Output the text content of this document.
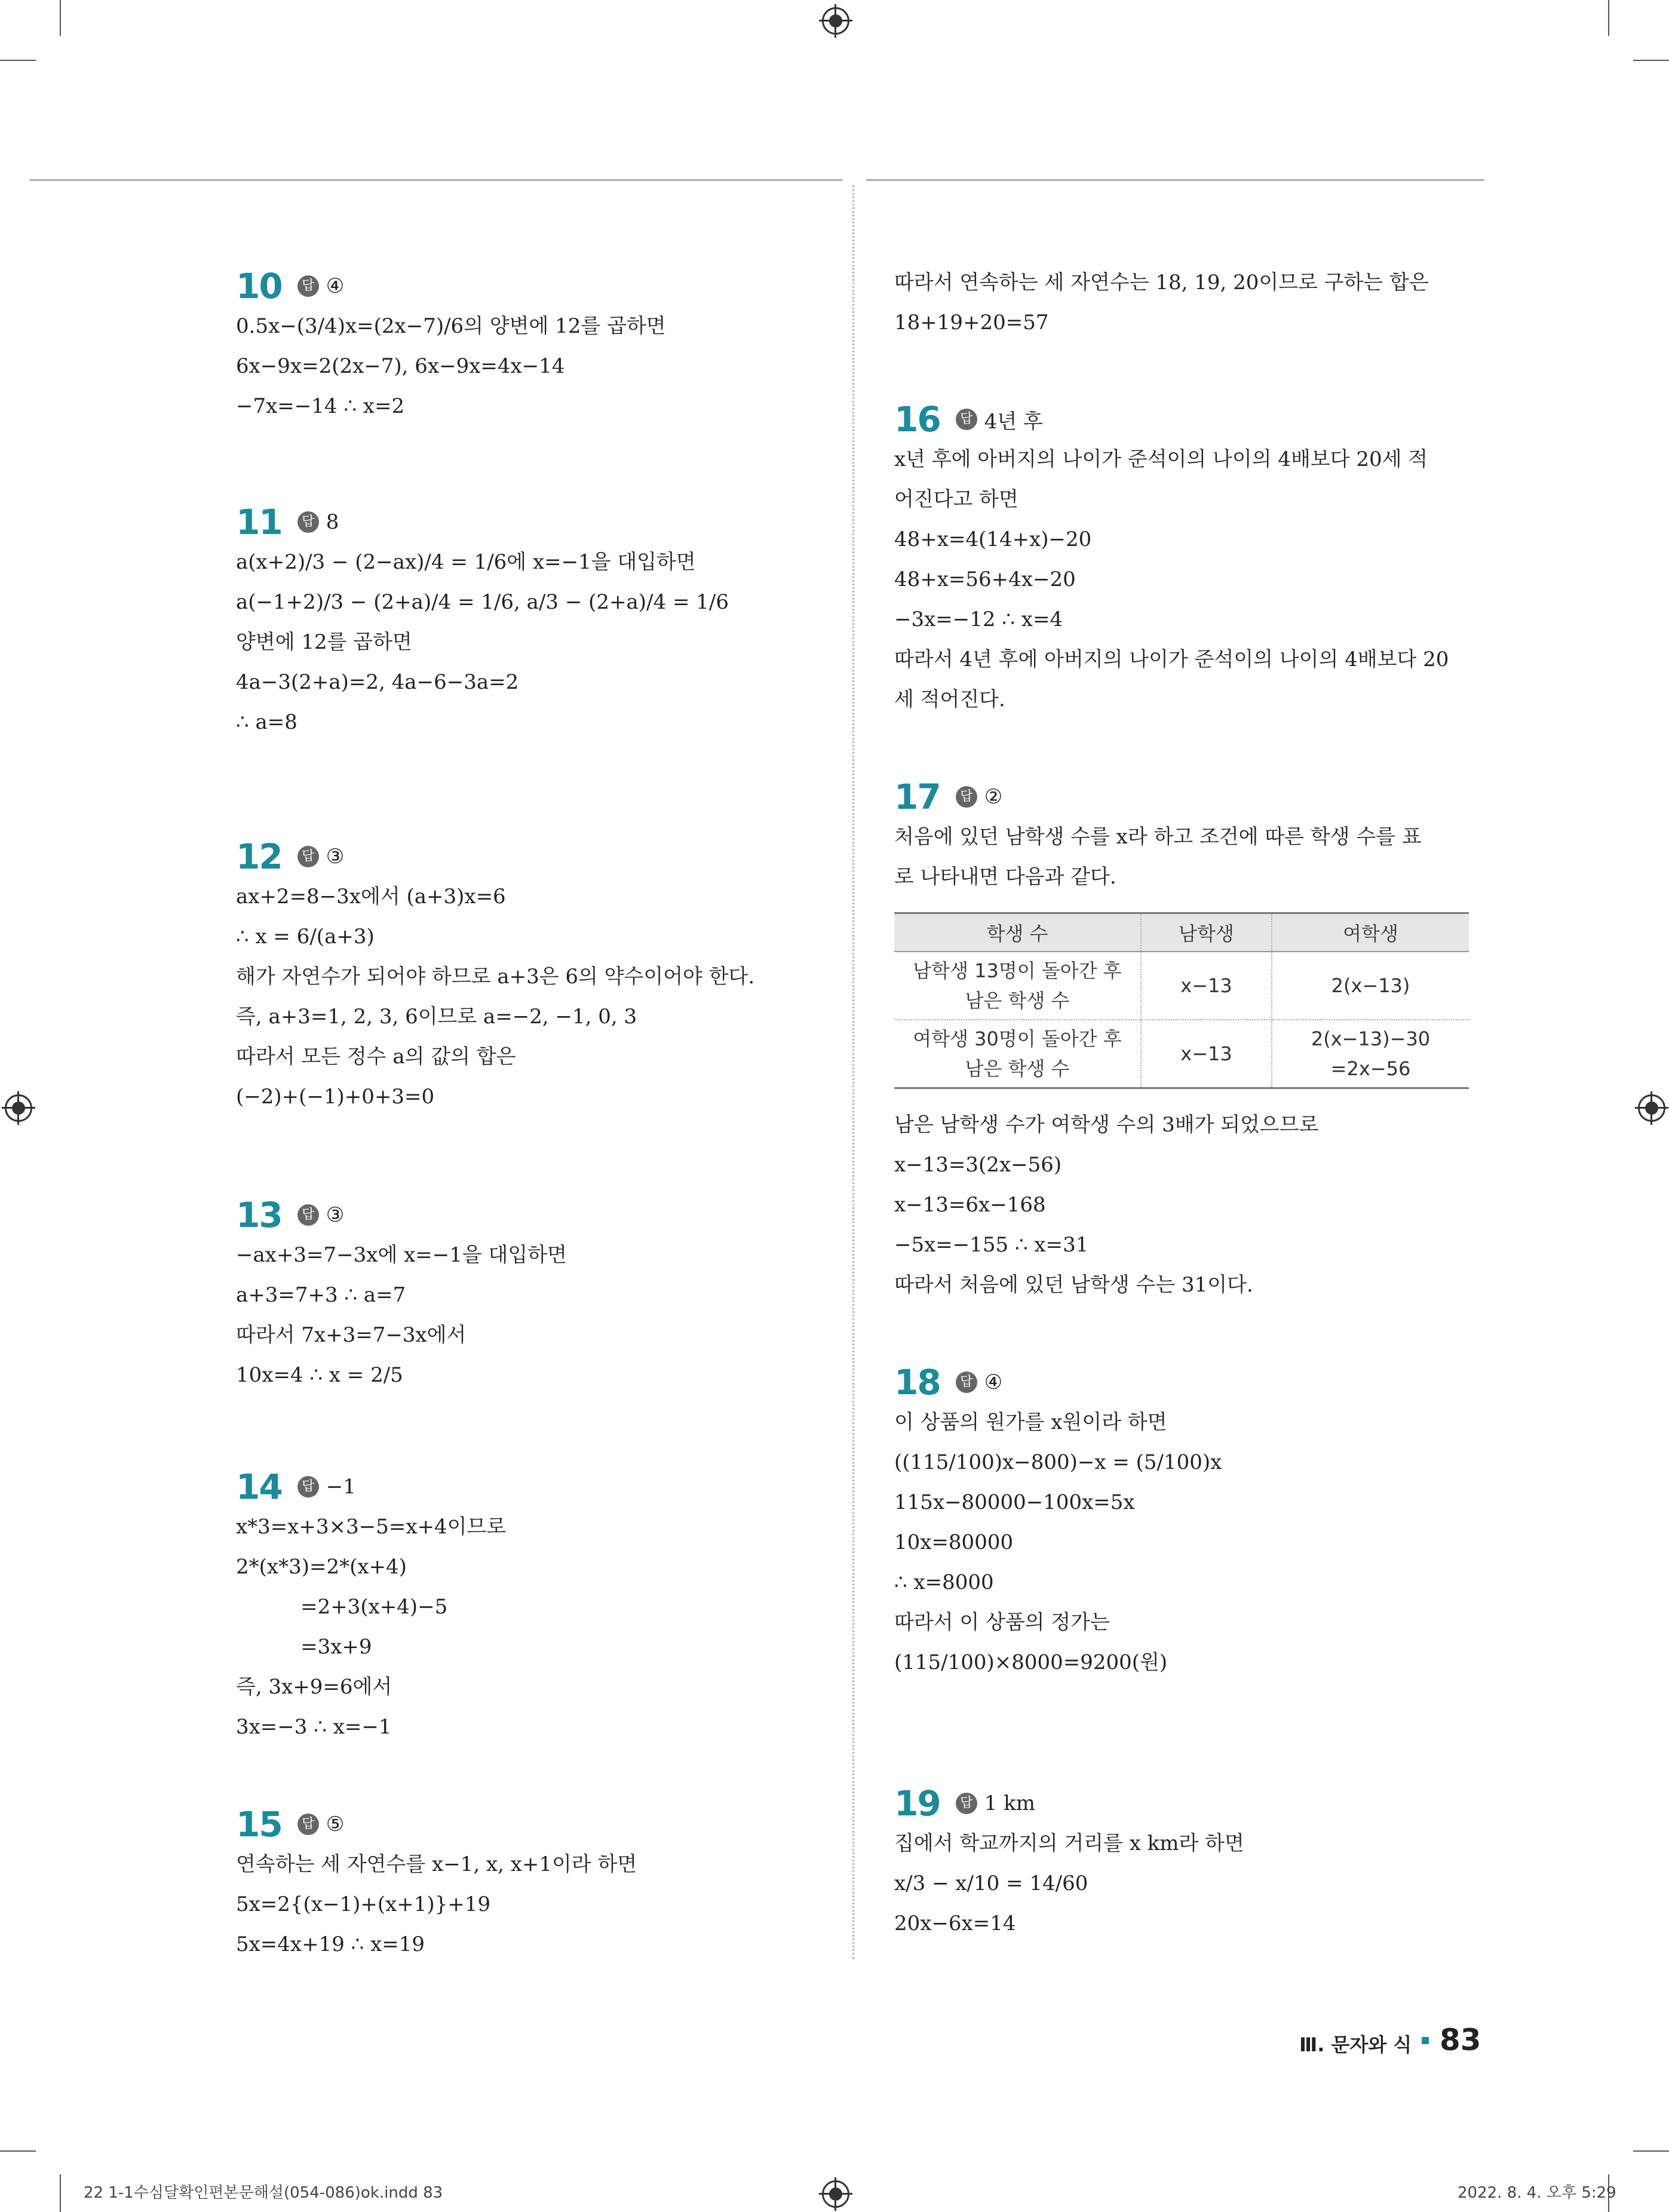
10 답 ④
0.5x−(3/4)x=(2x−7)/6의 양변에 12를 곱하면
6x−9x=2(2x−7), 6x−9x=4x−14
−7x=−14 ∴ x=2
11 답 8
a(x+2)/3 − (2−ax)/4 = 1/6에 x=−1을 대입하면
a(−1+2)/3 − (2+a)/4 = 1/6, a/3 − (2+a)/4 = 1/6
양변에 12를 곱하면
4a−3(2+a)=2, 4a−6−3a=2
∴ a=8
12 답 ③
ax+2=8−3x에서 (a+3)x=6
∴ x = 6/(a+3)
해가 자연수가 되어야 하므로 a+3은 6의 약수이어야 한다.
즉, a+3=1, 2, 3, 6이므로 a=−2, −1, 0, 3
따라서 모든 정수 a의 값의 합은
(−2)+(−1)+0+3=0
13 답 ③
−ax+3=7−3x에 x=−1을 대입하면
a+3=7+3 ∴ a=7
따라서 7x+3=7−3x에서
10x=4 ∴ x = 2/5
14 답 −1
x*3=x+3×3−5=x+4이므로
2*(x*3)=2*(x+4)
=2+3(x+4)−5
=3x+9
즉, 3x+9=6에서
3x=−3 ∴ x=−1
15 답 ⑤
연속하는 세 자연수를 x−1, x, x+1이라 하면
5x=2{(x−1)+(x+1)}+19
5x=4x+19 ∴ x=19
따라서 연속하는 세 자연수는 18, 19, 20이므로 구하는 합은
18+19+20=57
16 답 4년 후
x년 후에 아버지의 나이가 준석이의 나이의 4배보다 20세 적
어진다고 하면
48+x=4(14+x)−20
48+x=56+4x−20
−3x=−12 ∴ x=4
따라서 4년 후에 아버지의 나이가 준석이의 나이의 4배보다 20
세 적어진다.
17 답 ②
처음에 있던 남학생 수를 x라 하고 조건에 따른 학생 수를 표
로 나타내면 다음과 같다.
학생 수	남학생	여학생
남학생 13명이 돌아간 후
남은 학생 수	x−13	2(x−13)
여학생 30명이 돌아간 후
남은 학생 수	x−13	2(x−13)−30
=2x−56
남은 남학생 수가 여학생 수의 3배가 되었으므로
x−13=3(2x−56)
x−13=6x−168
−5x=−155 ∴ x=31
따라서 처음에 있던 남학생 수는 31이다.
18 답 ④
이 상품의 원가를 x원이라 하면
((115/100)x−800)−x = (5/100)x
115x−80000−100x=5x
10x=80000
∴ x=8000
따라서 이 상품의 정가는
(115/100)×8000=9200(원)
19 답 1 km
집에서 학교까지의 거리를 x km라 하면
x/3 − x/10 = 14/60
20x−6x=14
Ⅲ. 문자와 식 83
22 1-1수심달확인편본문해설(054-086)ok.indd 83	2022. 8. 4. 오후 5:29
